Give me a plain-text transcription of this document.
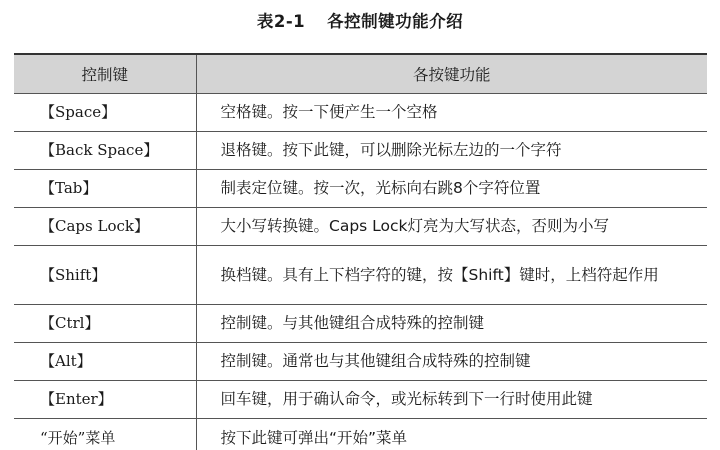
表2-1 各控制键功能介绍
控制键	各按键功能
【Space】	空格键。按一下便产生一个空格

【Back Space】	退格键。按下此键，可以删除光标左边的一个字符

【Tab】	制表定位键。按一次，光标向右跳8个字符位置

【Caps Lock】	大小写转换键。Caps Lock灯亮为大写状态，否则为小写

【Shift】	换档键。具有上下档字符的键，按【Shift】键时，上档符起作用

【Ctrl】	控制键。与其他键组合成特殊的控制键

【Alt】	控制键。通常也与其他键组合成特殊的控制键

【Enter】	回车键，用于确认命令，或光标转到下一行时使用此键

“开始”菜单	按下此键可弹出“开始”菜单
